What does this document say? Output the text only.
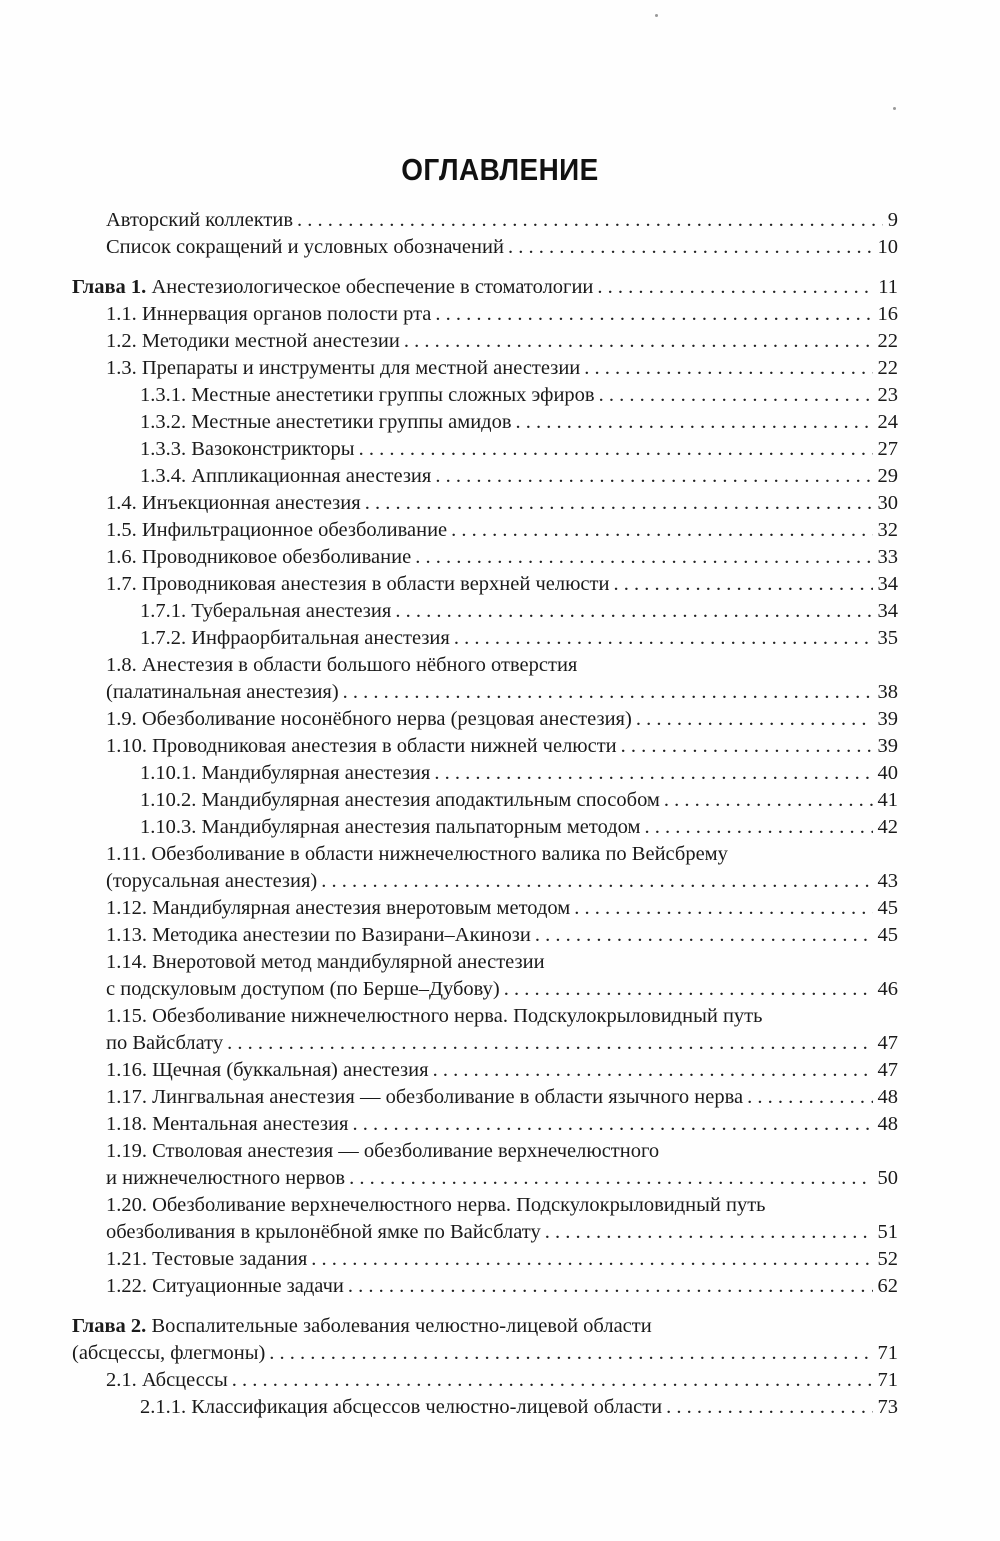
ОГЛАВЛЕНИЕ
Авторский коллектив . . .	9
Список сокращений и условных обозначений . . .	10
Глава 1. Анестезиологическое обеспечение в стоматологии . . .	11
1.1. Иннервация органов полости рта . . .	16
1.2. Методики местной анестезии . . .	22
1.3. Препараты и инструменты для местной анестезии . . .	22
1.3.1. Местные анестетики группы сложных эфиров . . .	23
1.3.2. Местные анестетики группы амидов . . .	24
1.3.3. Вазоконстрикторы . . .	27
1.3.4. Аппликационная анестезия . . .	29
1.4. Инъекционная анестезия . . .	30
1.5. Инфильтрационное обезболивание . . .	32
1.6. Проводниковое обезболивание . . .	33
1.7. Проводниковая анестезия в области верхней челюсти . . .	34
1.7.1. Туберальная анестезия . . .	34
1.7.2. Инфраорбитальная анестезия . . .	35
1.8. Анестезия в области большого нёбного отверстия
(палатинальная анестезия) . . .	38
1.9. Обезболивание носонёбного нерва (резцовая анестезия) . . .	39
1.10. Проводниковая анестезия в области нижней челюсти . . .	39
1.10.1. Мандибулярная анестезия . . .	40
1.10.2. Мандибулярная анестезия аподактильным способом . . .	41
1.10.3. Мандибулярная анестезия пальпаторным методом . . .	42
1.11. Обезболивание в области нижнечелюстного валика по Вейсбрему
(торусальная анестезия) . . .	43
1.12. Мандибулярная анестезия внеротовым методом . . .	45
1.13. Методика анестезии по Вазирани–Акинози . . .	45
1.14. Внеротовой метод мандибулярной анестезии
с подскуловым доступом (по Берше–Дубову) . . .	46
1.15. Обезболивание нижнечелюстного нерва. Подскулокрыловидный путь
по Вайсблату . . .	47
1.16. Щечная (буккальная) анестезия . . .	47
1.17. Лингвальная анестезия — обезболивание в области язычного нерва . . .	48
1.18. Ментальная анестезия . . .	48
1.19. Стволовая анестезия — обезболивание верхнечелюстного
и нижнечелюстного нервов . . .	50
1.20. Обезболивание верхнечелюстного нерва. Подскулокрыловидный путь
обезболивания в крылонёбной ямке по Вайсблату . . .	51
1.21. Тестовые задания . . .	52
1.22. Ситуационные задачи . . .	62
Глава 2. Воспалительные заболевания челюстно-лицевой области
(абсцессы, флегмоны) . . .	71
2.1. Абсцессы . . .	71
2.1.1. Классификация абсцессов челюстно-лицевой области . . .	73
